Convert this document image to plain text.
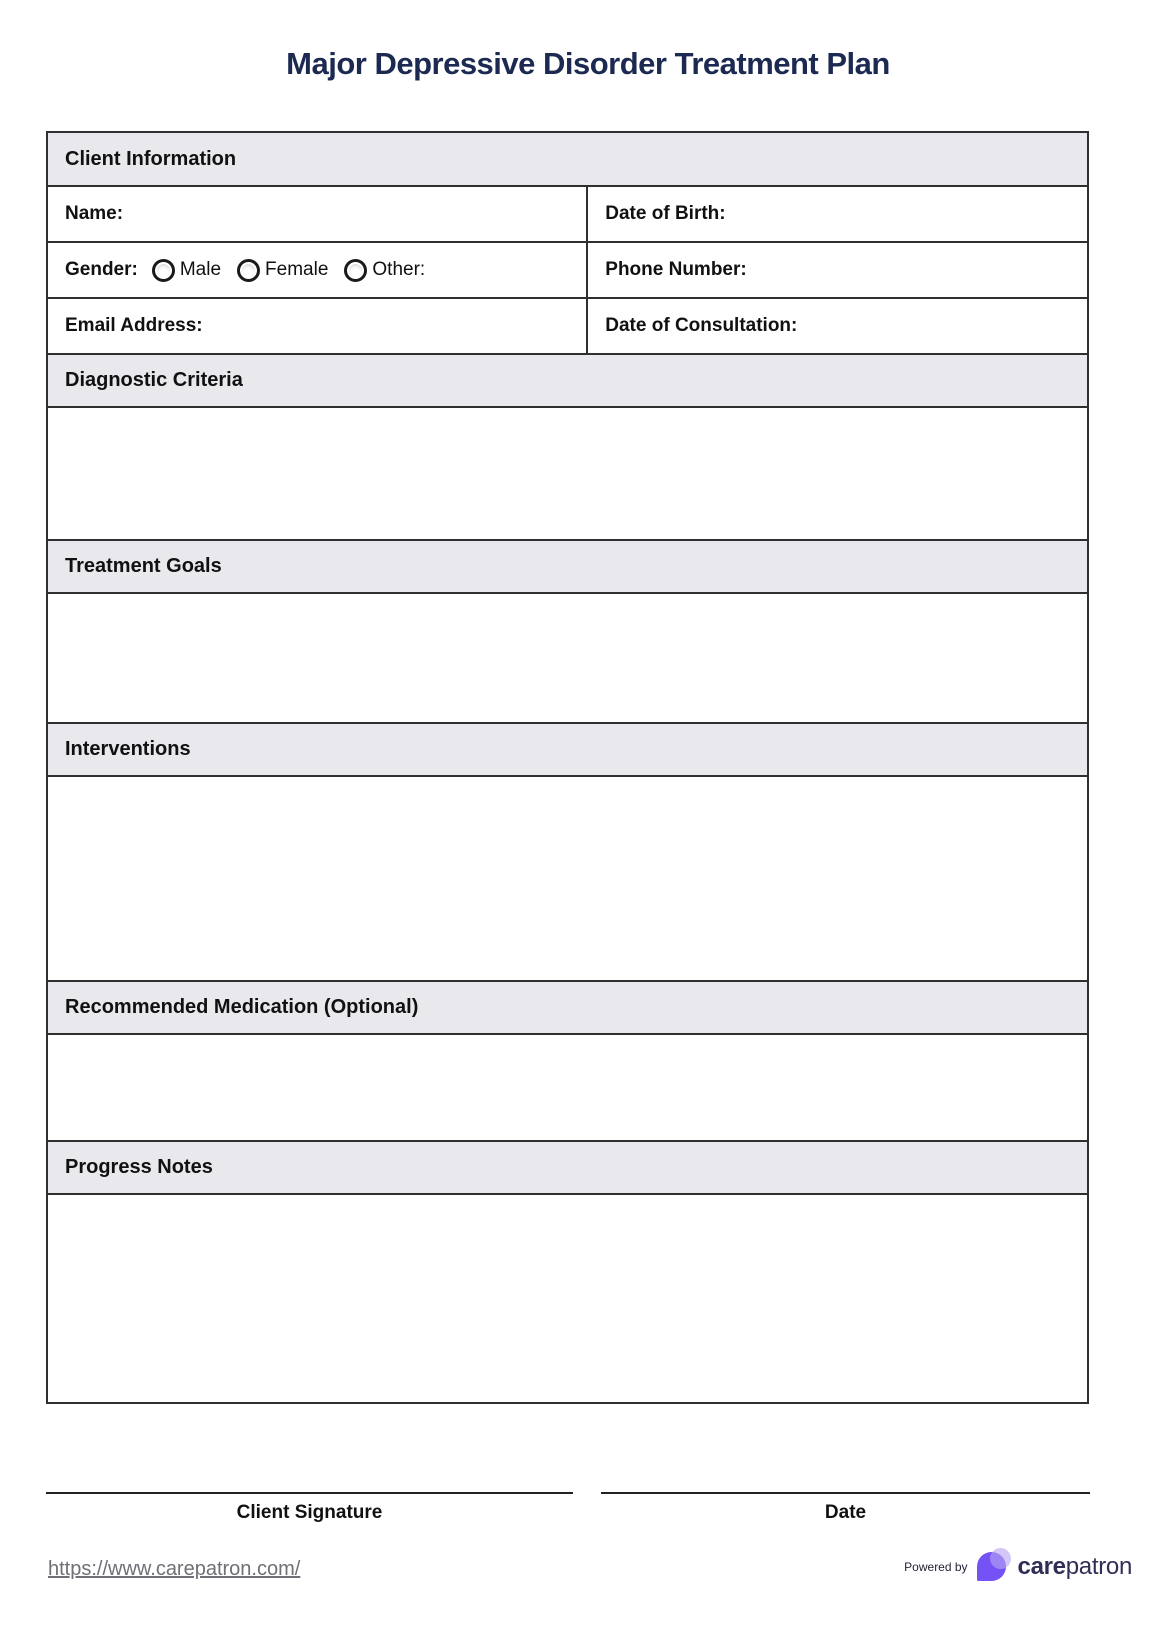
Major Depressive Disorder Treatment Plan
Client Information
Name:	Date of Birth:
Gender: Male Female Other:	Phone Number:
Email Address:	Date of Consultation:
Diagnostic Criteria
Treatment Goals
Interventions
Recommended Medication (Optional)
Progress Notes
Client Signature	Date
https://www.carepatron.com/	Powered by carepatron
